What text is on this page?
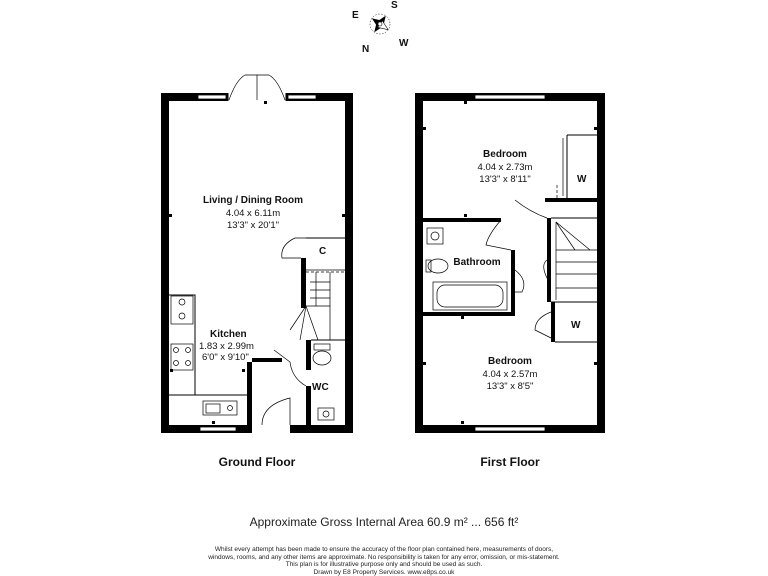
E
S
W
N
Living / Dining Room
4.04 x 6.11m
13'3" x 20'1"
Kitchen
1.83 x 2.99m
6'0" x 9'10"
C
WC
Ground Floor
Bedroom
4.04 x 2.73m
13'3" x 8'11"
Bathroom
Bedroom
4.04 x 2.57m
13'3" x 8'5"
W
W
First Floor
Approximate Gross Internal Area 60.9 m² ... 656 ft²
Whilst every attempt has been made to ensure the accuracy of the floor plan contained here, measurements of doors,
windows, rooms, and any other items are approximate. No responsibility is taken for any error, omission, or mis-statement.
This plan is for illustrative purpose only and should be used as such.
Drawn by E8 Property Services. www.e8ps.co.uk
